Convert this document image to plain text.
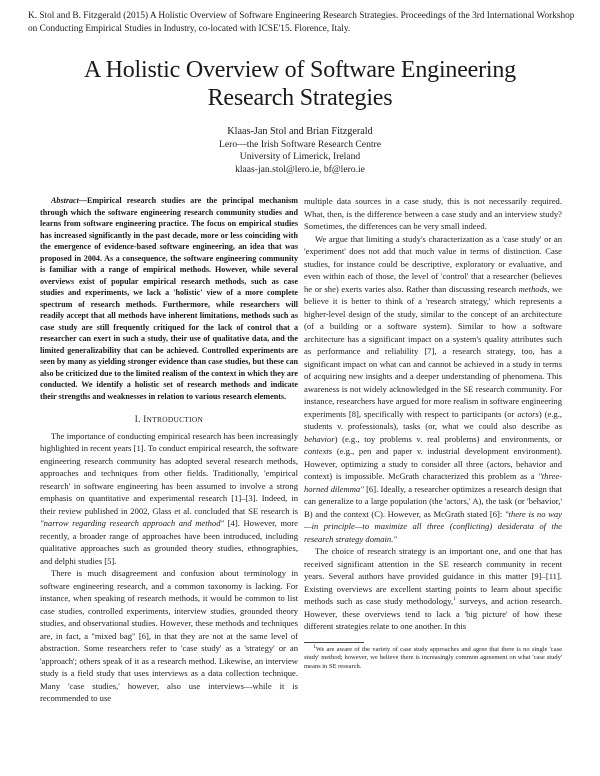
K. Stol and B. Fitzgerald (2015) A Holistic Overview of Software Engineering Research Strategies. Proceedings of the 3rd International Workshop on Conducting Empirical Studies in Industry, co-located with ICSE'15. Florence, Italy.
A Holistic Overview of Software Engineering Research Strategies
Klaas-Jan Stol and Brian Fitzgerald
Lero—the Irish Software Research Centre
University of Limerick, Ireland
klaas-jan.stol@lero.ie, bf@lero.ie

Abstract—Empirical research studies are the principal mechanism through which the software engineering research community studies and learns from software engineering practice. The focus on empirical studies has increased significantly in the past decade, more or less coinciding with the emergence of evidence-based software engineering, an idea that was proposed in 2004. As a consequence, the software engineering community is familiar with a range of empirical methods. However, while several overviews exist of popular empirical research methods, such as case studies and experiments, we lack a 'holistic' view of a more complete spectrum of research methods. Furthermore, while researchers will readily accept that all methods have inherent limitations, methods such as case study are still frequently critiqued for the lack of control that a researcher can exert in such a study, their use of qualitative data, and the limited generalizability that can be achieved. Controlled experiments are seen by many as yielding stronger evidence than case studies, but these can also be criticized due to the limited realism of the context in which they are conducted. We identify a holistic set of research methods and indicate their strengths and weaknesses in relation to various research elements.

I. INTRODUCTION

The importance of conducting empirical research has been increasingly highlighted in recent years [1]. To conduct empirical research, the software engineering research community has adopted several research methods, approaches and techniques from other fields. Traditionally, 'empirical research' in software engineering has been assumed to involve a strong emphasis on quantitative and experimental research [1]–[3]. Indeed, in their review published in 2002, Glass et al. concluded that SE research is "narrow regarding research approach and method" [4]. However, more recently, a broader range of approaches have been introduced, including qualitative approaches such as grounded theory studies, ethnographies, and delphi studies [5].

There is much disagreement and confusion about terminology in software engineering research, and a common taxonomy is lacking. For instance, when speaking of research methods, it would be common to list case studies, controlled experiments, interview studies, grounded theory studies, and observational studies. However, these methods and techniques are, in fact, a "mixed bag" [6], in that they are not at the same level of abstraction. Some researchers refer to 'case study' as a 'strategy' or an 'approach'; others speak of it as a research method. Likewise, an interview study is a field study that uses interviews as a data collection technique. Many 'case studies,' however, also use interviews—while it is recommended to use

multiple data sources in a case study, this is not necessarily required. What, then, is the difference between a case study and an interview study? Sometimes, the differences can be very small indeed.

We argue that limiting a study's characterization as a 'case study' or an 'experiment' does not add that much value in terms of distinction. Case studies, for instance could be descriptive, exploratory or evaluative, and even within each of those, the level of 'control' that a researcher (believes he or she) exerts varies also. Rather than discussing research methods, we believe it is better to think of a 'research strategy,' which represents a higher-level design of the study, similar to the concept of an architecture (of a building or a software system). Similar to how a software architecture has a significant impact on a system's quality attributes such as performance and reliability [7], a research strategy, too, has a significant impact on what can and cannot be achieved in a study in terms of acquiring new insights and a deeper understanding of phenomena. This awareness is not widely acknowledged in the SE research community. For instance, researchers have argued for more realism in software engineering experiments [8], specifically with respect to participants (or actors) (e.g., students v. professionals), tasks (or, what we could also describe as behavior) (e.g., toy problems v. real problems) and environments, or contexts (e.g., pen and paper v. industrial development environment). However, optimizing a study to consider all three (actors, behavior and context) is impossible. McGrath characterized this problem as a "three-horned dilemma" [6]. Ideally, a researcher optimizes a research design that can generalize to a large population (the 'actors,' A), the task (or 'behavior,' B) and the context (C). However, as McGrath stated [6]: "there is no way—in principle—to maximize all three (conflicting) desiderata of the research strategy domain."

The choice of research strategy is an important one, and one that has received significant attention in the SE research community in recent years. Several authors have provided guidance in this matter [9]–[11]. Existing overviews are excellent starting points to learn about specific methods such as case study methodology,$^1$ surveys, and action research. However, these overviews tend to lack a 'big picture' of how these different strategies relate to one another. In this

$^1$We are aware of the variety of case study approaches and agree that there is no single 'case study' method; however, we believe there is increasingly common agreement on what 'case study' means in SE research.
